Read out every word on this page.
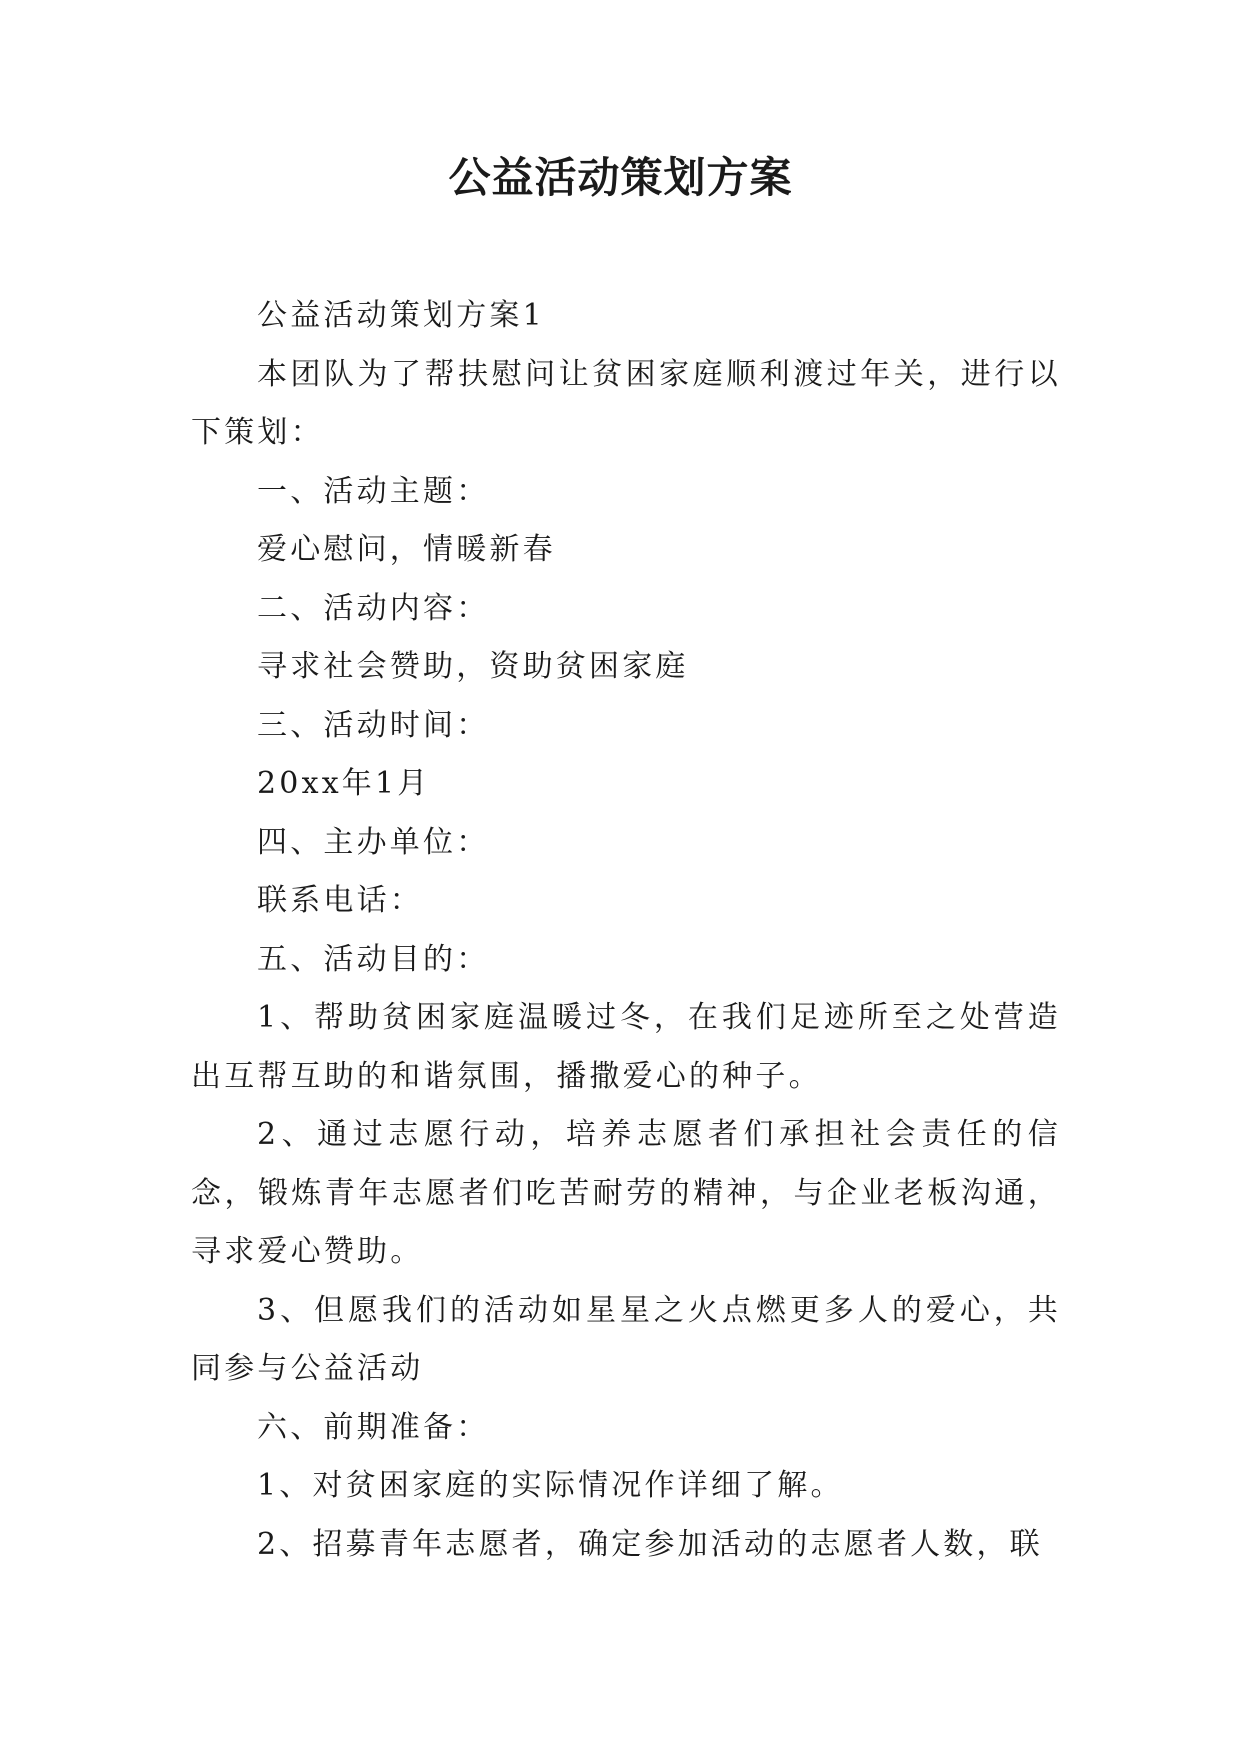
公益活动策划方案

公益活动策划方案1

本团队为了帮扶慰问让贫困家庭顺利渡过年关，进行以下策划：

一、活动主题：

爱心慰问，情暖新春

二、活动内容：

寻求社会赞助，资助贫困家庭

三、活动时间：

20xx年1月

四、主办单位：

联系电话：

五、活动目的：

1、帮助贫困家庭温暖过冬，在我们足迹所至之处营造出互帮互助的和谐氛围，播撒爱心的种子。

2、通过志愿行动，培养志愿者们承担社会责任的信念，锻炼青年志愿者们吃苦耐劳的精神，与企业老板沟通，寻求爱心赞助。

3、但愿我们的活动如星星之火点燃更多人的爱心，共同参与公益活动

六、前期准备：

1、对贫困家庭的实际情况作详细了解。

2、招募青年志愿者，确定参加活动的志愿者人数，联
